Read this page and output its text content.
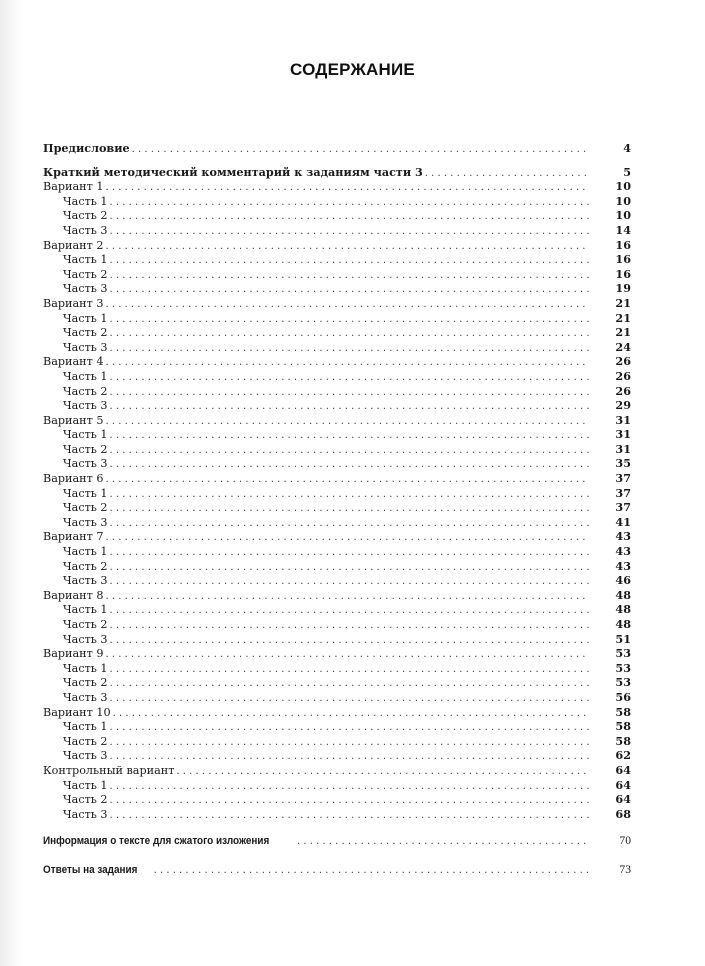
СОДЕРЖАНИЕ
Предисловие . . .	4
Краткий методический комментарий к заданиям части 3 . . .	5
Вариант 1 . . .	10
Часть 1 . . .	10
Часть 2 . . .	10
Часть 3 . . .	14
Вариант 2 . . .	16
Часть 1 . . .	16
Часть 2 . . .	16
Часть 3 . . .	19
Вариант 3 . . .	21
Часть 1 . . .	21
Часть 2 . . .	21
Часть 3 . . .	24
Вариант 4 . . .	26
Часть 1 . . .	26
Часть 2 . . .	26
Часть 3 . . .	29
Вариант 5 . . .	31
Часть 1 . . .	31
Часть 2 . . .	31
Часть 3 . . .	35
Вариант 6 . . .	37
Часть 1 . . .	37
Часть 2 . . .	37
Часть 3 . . .	41
Вариант 7 . . .	43
Часть 1 . . .	43
Часть 2 . . .	43
Часть 3 . . .	46
Вариант 8 . . .	48
Часть 1 . . .	48
Часть 2 . . .	48
Часть 3 . . .	51
Вариант 9 . . .	53
Часть 1 . . .	53
Часть 2 . . .	53
Часть 3 . . .	56
Вариант 10 . . .	58
Часть 1 . . .	58
Часть 2 . . .	58
Часть 3 . . .	62
Контрольный вариант . . .	64
Часть 1 . . .	64
Часть 2 . . .	64
Часть 3 . . .	68
Информация о тексте для сжатого изложения . . .	70
Ответы на задания . . .	73
